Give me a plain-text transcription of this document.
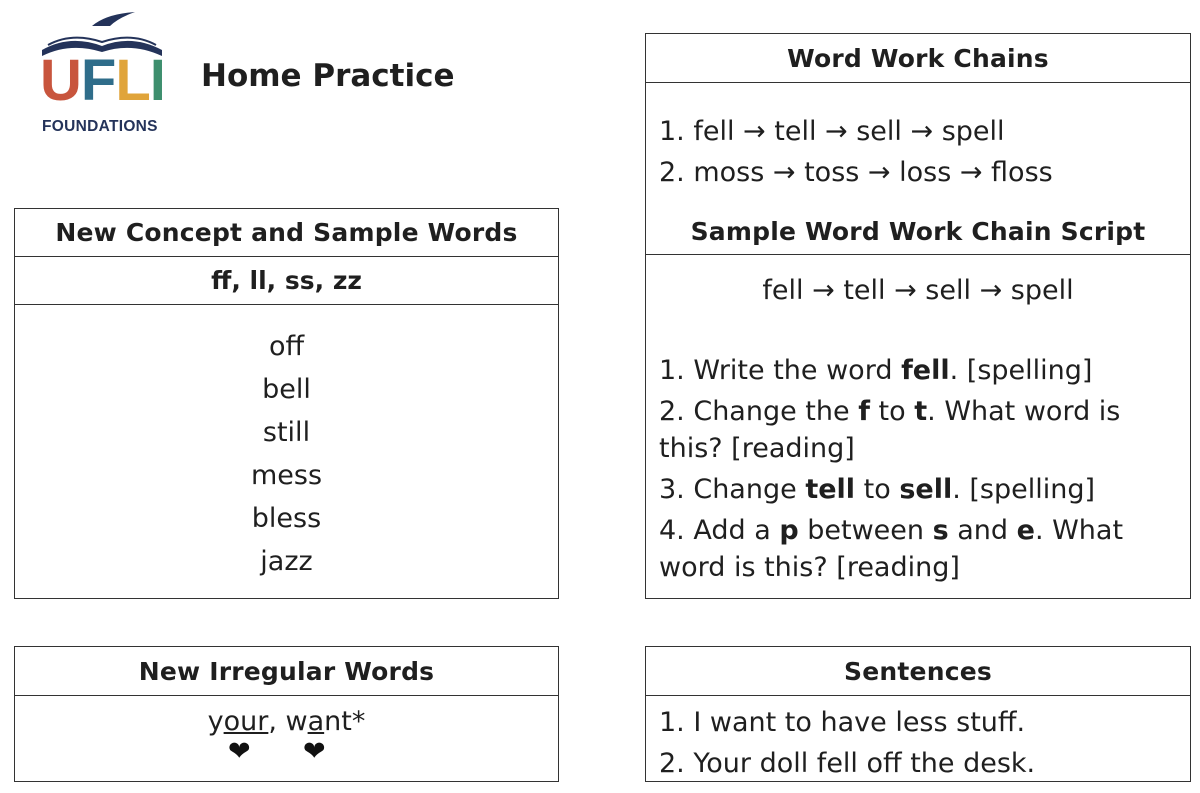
UFLI
FOUNDATIONS
Home Practice
New Concept and Sample Words
ff, ll, ss, zz
off
bell
still
mess
bless
jazz
New Irregular Words
your, want*
❤ ❤
Word Work Chains
1. fell → tell → sell → spell
2. moss → toss → loss → floss
Sample Word Work Chain Script
fell → tell → sell → spell
1. Write the word fell. [spelling]
2. Change the f to t. What word is this? [reading]
3. Change tell to sell. [spelling]
4. Add a p between s and e. What word is this? [reading]
Sentences
1. I want to have less stuff.
2. Your doll fell off the desk.
